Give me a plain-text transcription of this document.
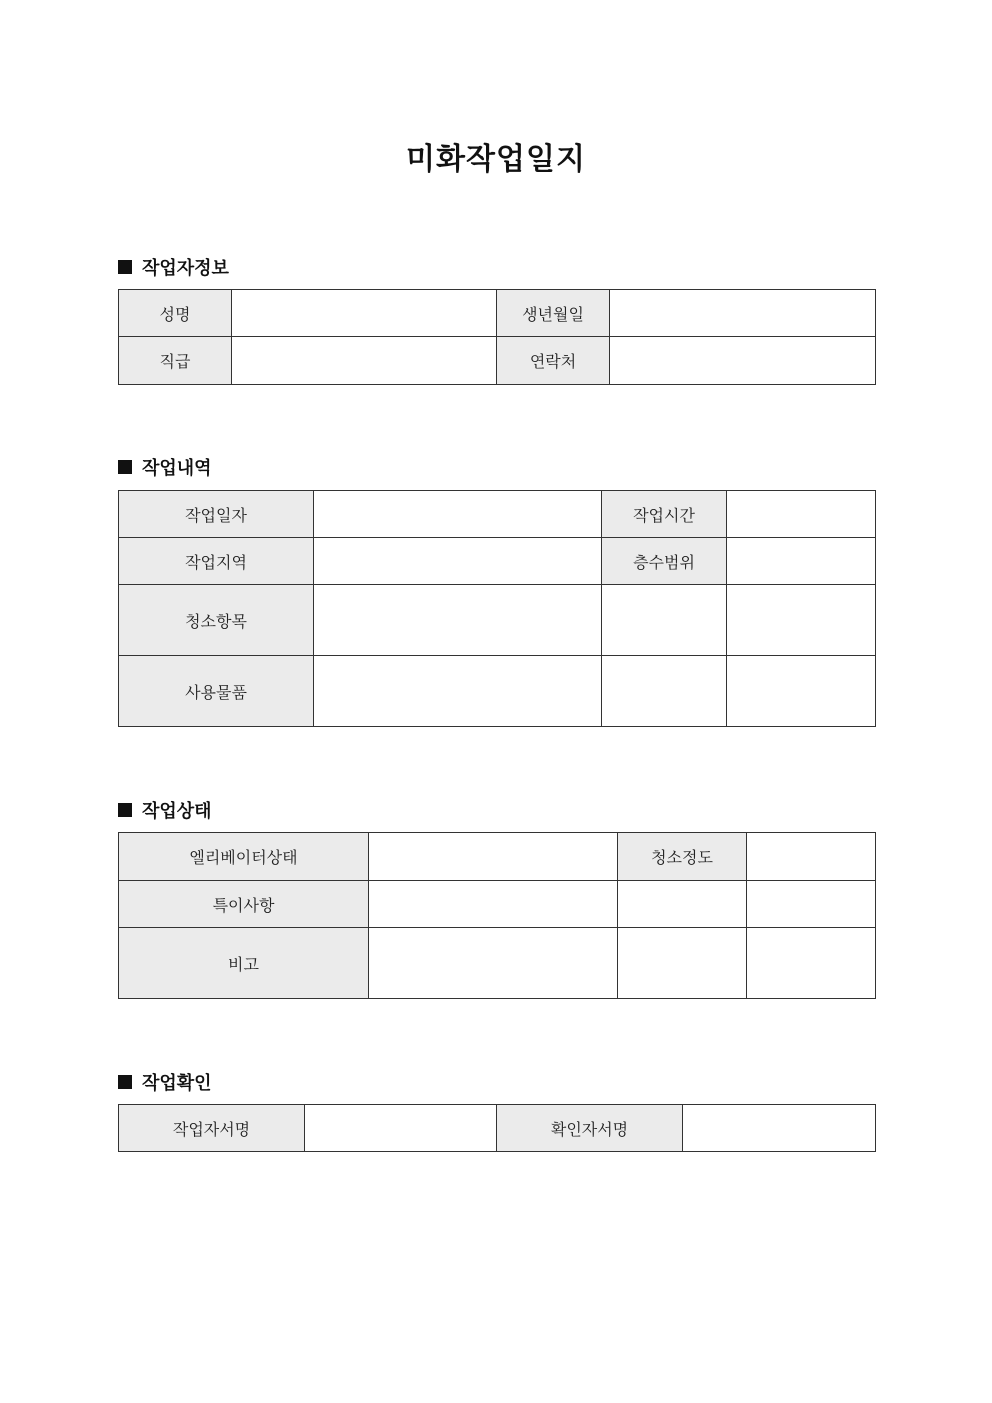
미화작업일지
작업자정보
성명		생년월일	
직급		연락처	
작업내역
작업일자		작업시간	
작업지역		층수범위	
청소항목			
사용물품			
작업상태
엘리베이터상태		청소정도	
특이사항			
비고			
작업확인
작업자서명		확인자서명	
